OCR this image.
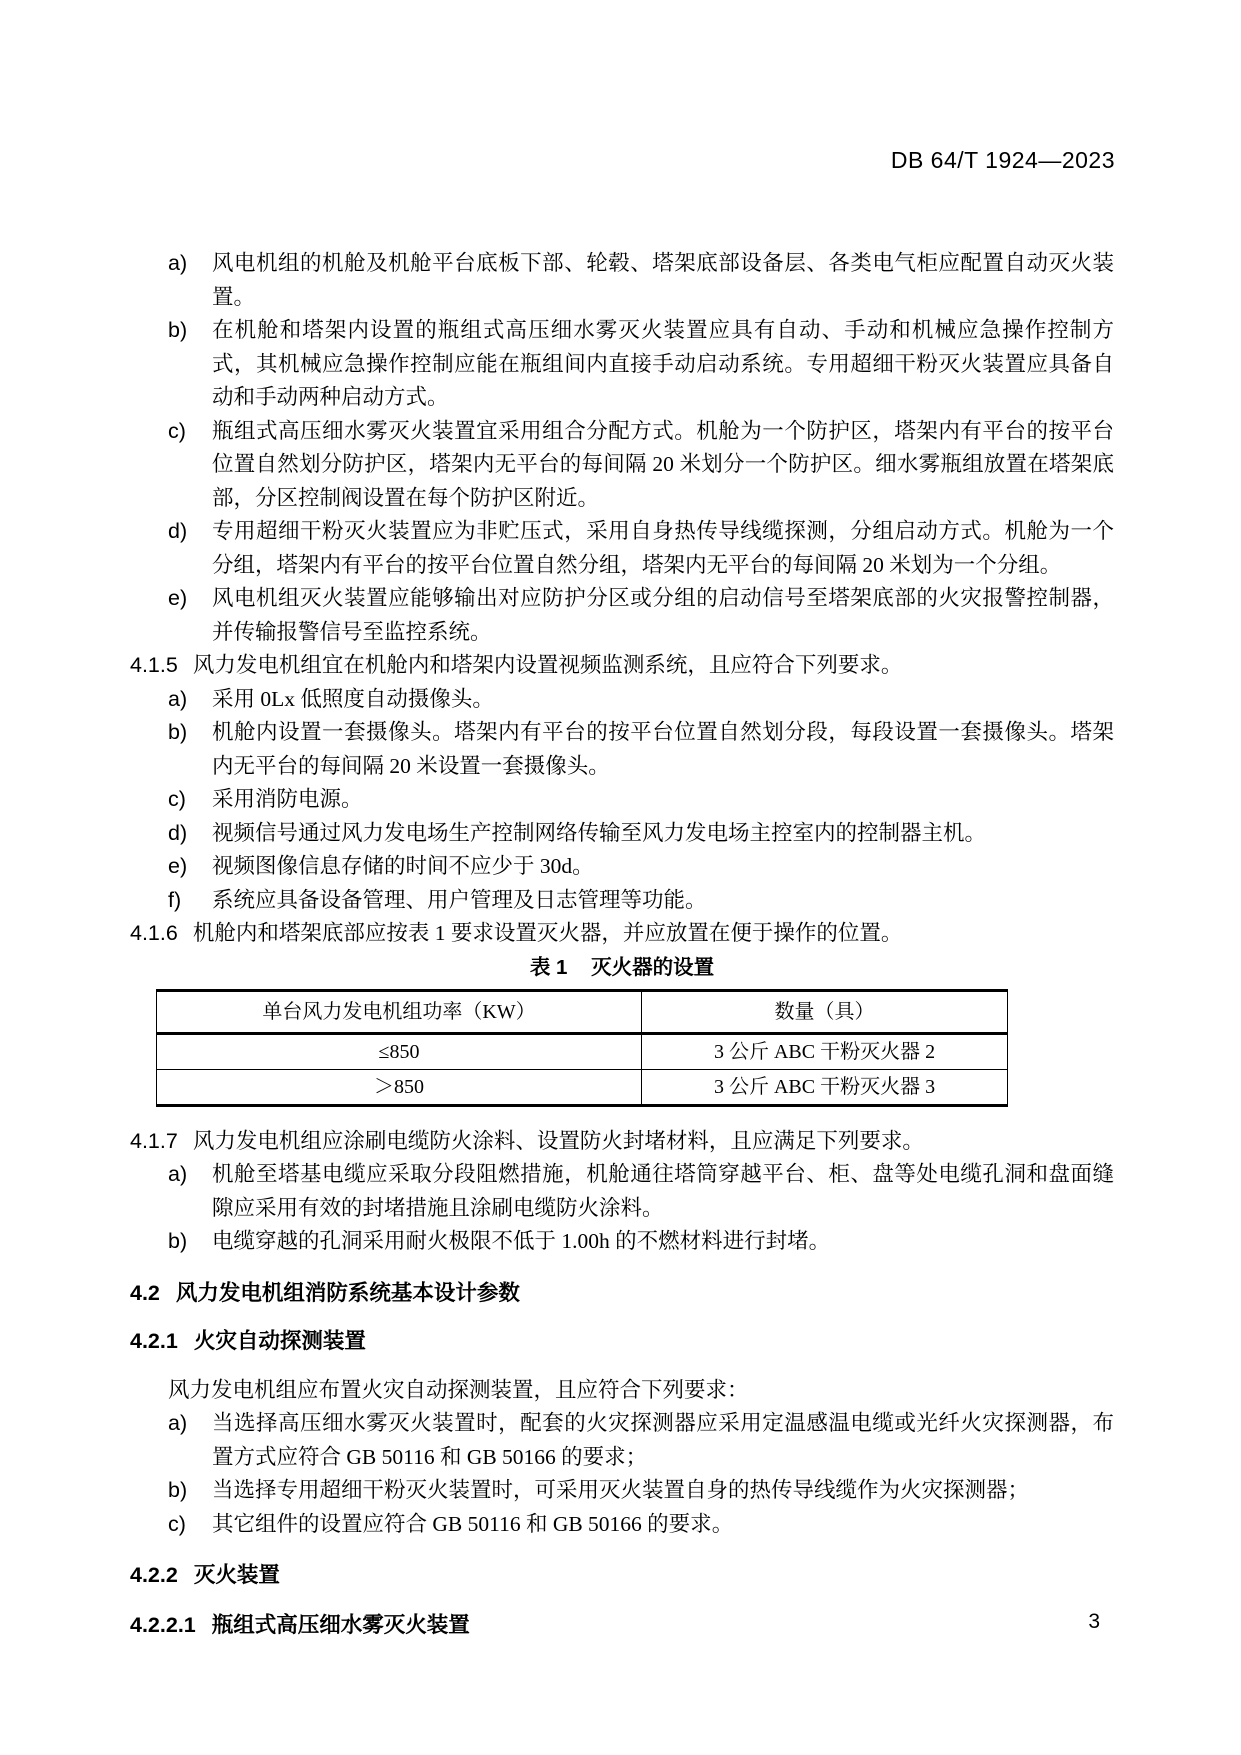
DB 64/T 1924—2023
a)	风电机组的机舱及机舱平台底板下部、轮毂、塔架底部设备层、各类电气柜应配置自动灭火装置。
b)	在机舱和塔架内设置的瓶组式高压细水雾灭火装置应具有自动、手动和机械应急操作控制方式，其机械应急操作控制应能在瓶组间内直接手动启动系统。专用超细干粉灭火装置应具备自动和手动两种启动方式。
c)	瓶组式高压细水雾灭火装置宜采用组合分配方式。机舱为一个防护区，塔架内有平台的按平台位置自然划分防护区，塔架内无平台的每间隔 20 米划分一个防护区。细水雾瓶组放置在塔架底部，分区控制阀设置在每个防护区附近。
d)	专用超细干粉灭火装置应为非贮压式，采用自身热传导线缆探测，分组启动方式。机舱为一个分组，塔架内有平台的按平台位置自然分组，塔架内无平台的每间隔 20 米划为一个分组。
e)	风电机组灭火装置应能够输出对应防护分区或分组的启动信号至塔架底部的火灾报警控制器，并传输报警信号至监控系统。
4.1.5 风力发电机组宜在机舱内和塔架内设置视频监测系统，且应符合下列要求。
a)	采用 0Lx 低照度自动摄像头。
b)	机舱内设置一套摄像头。塔架内有平台的按平台位置自然划分段，每段设置一套摄像头。塔架内无平台的每间隔 20 米设置一套摄像头。
c)	采用消防电源。
d)	视频信号通过风力发电场生产控制网络传输至风力发电场主控室内的控制器主机。
e)	视频图像信息存储的时间不应少于 30d。
f)	系统应具备设备管理、用户管理及日志管理等功能。
4.1.6 机舱内和塔架底部应按表 1 要求设置灭火器，并应放置在便于操作的位置。
表 1 灭火器的设置
单台风力发电机组功率（KW）	数量（具）
≤850	3 公斤 ABC 干粉灭火器 2
＞850	3 公斤 ABC 干粉灭火器 3
4.1.7 风力发电机组应涂刷电缆防火涂料、设置防火封堵材料，且应满足下列要求。
a)	机舱至塔基电缆应采取分段阻燃措施，机舱通往塔筒穿越平台、柜、盘等处电缆孔洞和盘面缝隙应采用有效的封堵措施且涂刷电缆防火涂料。
b)	电缆穿越的孔洞采用耐火极限不低于 1.00h 的不燃材料进行封堵。
4.2 风力发电机组消防系统基本设计参数
4.2.1 火灾自动探测装置

风力发电机组应布置火灾自动探测装置，且应符合下列要求：

a)	当选择高压细水雾灭火装置时，配套的火灾探测器应采用定温感温电缆或光纤火灾探测器，布置方式应符合 GB 50116 和 GB 50166 的要求；
b)	当选择专用超细干粉灭火装置时，可采用灭火装置自身的热传导线缆作为火灾探测器；
c)	其它组件的设置应符合 GB 50116 和 GB 50166 的要求。
4.2.2 灭火装置
4.2.2.1 瓶组式高压细水雾灭火装置	3
